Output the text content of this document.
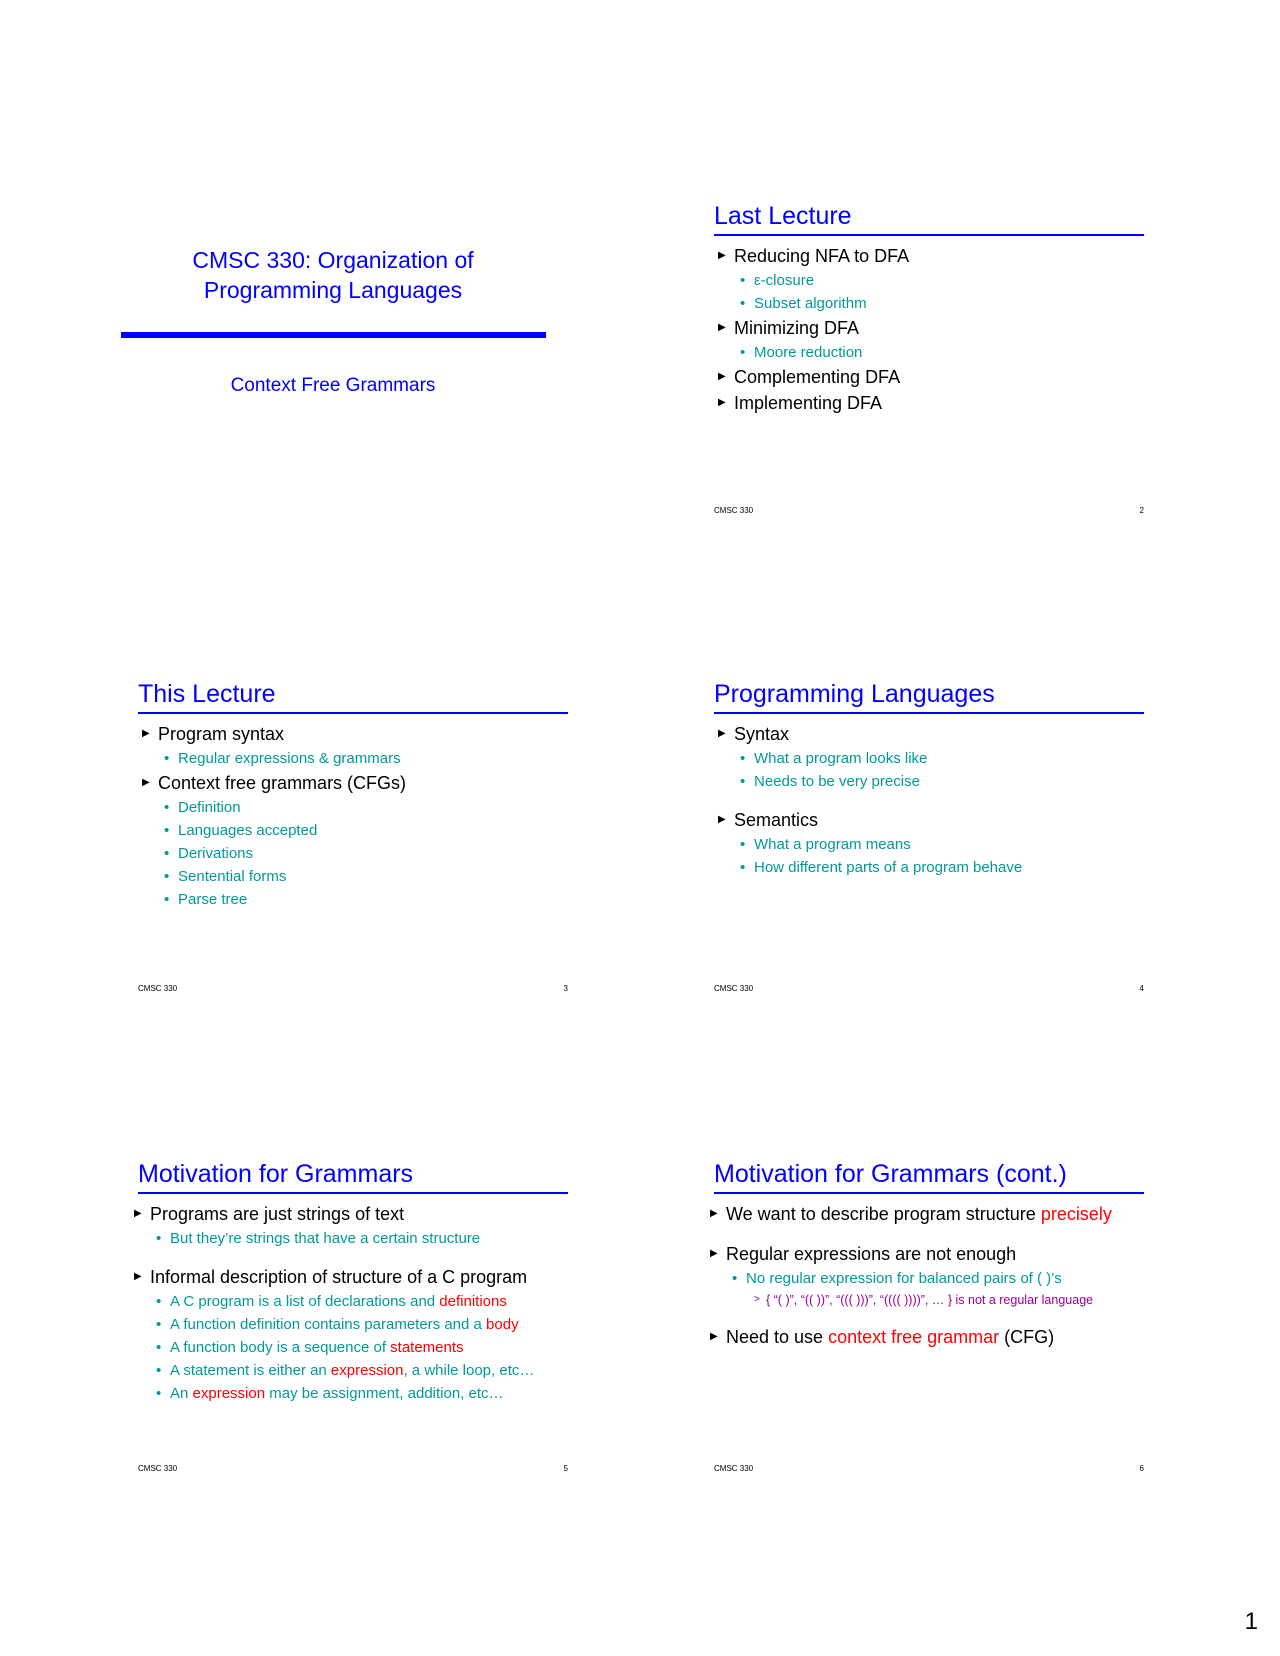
CMSC 330: Organization of
Programming Languages
Context Free Grammars
Last Lecture
▶ Reducing NFA to DFA
• ε-closure
• Subset algorithm
▶ Minimizing DFA
• Moore reduction
▶ Complementing DFA
▶ Implementing DFA
CMSC 330	2
This Lecture
▶ Program syntax
• Regular expressions & grammars
▶ Context free grammars (CFGs)
• Definition
• Languages accepted
• Derivations
• Sentential forms
• Parse tree
CMSC 330	3
Programming Languages
▶ Syntax
• What a program looks like
• Needs to be very precise
▶ Semantics
• What a program means
• How different parts of a program behave
CMSC 330	4
Motivation for Grammars
▶ Programs are just strings of text
• But they’re strings that have a certain structure
▶ Informal description of structure of a C program
• A C program is a list of declarations and definitions
• A function definition contains parameters and a body
• A function body is a sequence of statements
• A statement is either an expression, a while loop, etc…
• An expression may be assignment, addition, etc…
CMSC 330	5
Motivation for Grammars (cont.)
▶ We want to describe program structure precisely
▶ Regular expressions are not enough
• No regular expression for balanced pairs of ( )’s
> { “( )”, “(( ))”, “((( )))”, “(((( ))))”, … } is not a regular language
▶ Need to use context free grammar (CFG)
CMSC 330	6
1
